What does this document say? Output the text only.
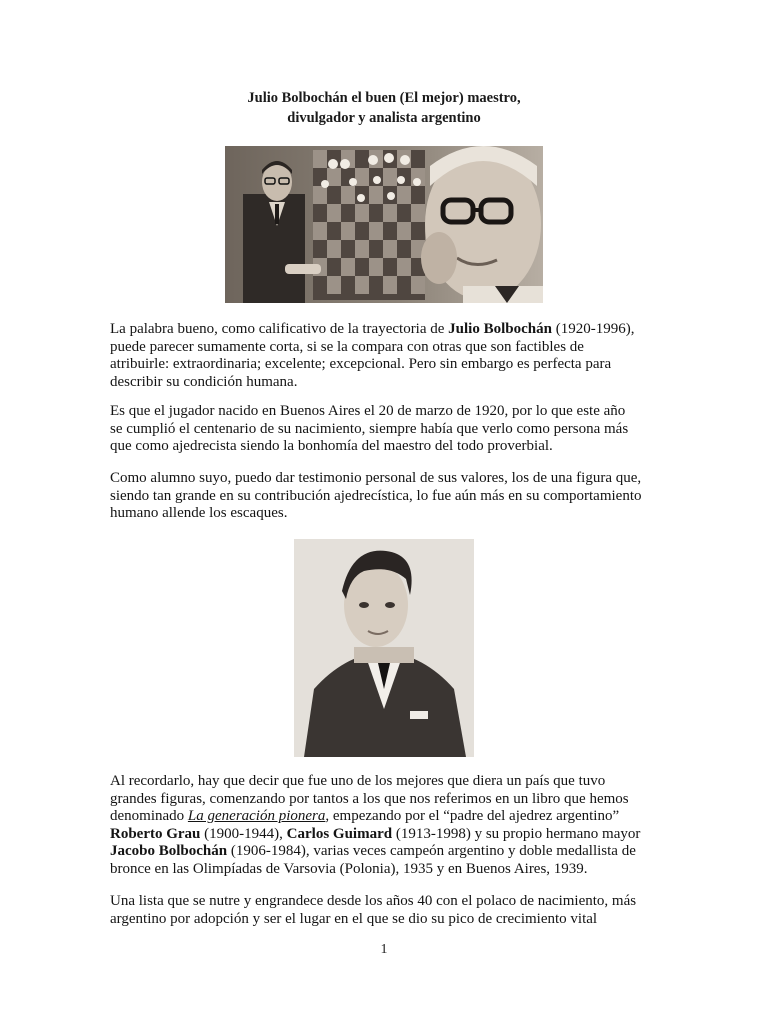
Julio Bolbochán el buen (El mejor) maestro,
divulgador y analista argentino

La palabra bueno, como calificativo de la trayectoria de Julio Bolbochán (1920-1996),
puede parecer sumamente corta, si se la compara con otras que son factibles de
atribuirle: extraordinaria; excelente; excepcional. Pero sin embargo es perfecta para
describir su condición humana.

Es que el jugador nacido en Buenos Aires el 20 de marzo de 1920, por lo que este año
se cumplió el centenario de su nacimiento, siempre había que verlo como persona más
que como ajedrecista siendo la bonhomía del maestro del todo proverbial.

Como alumno suyo, puedo dar testimonio personal de sus valores, los de una figura que,
siendo tan grande en su contribución ajedrecística, lo fue aún más en su comportamiento
humano allende los escaques.

Al recordarlo, hay que decir que fue uno de los mejores que diera un país que tuvo
grandes figuras, comenzando por tantos a los que nos referimos en un libro que hemos
denominado La generación pionera, empezando por el “padre del ajedrez argentino”
Roberto Grau (1900-1944), Carlos Guimard (1913-1998) y su propio hermano mayor
Jacobo Bolbochán (1906-1984), varias veces campeón argentino y doble medallista de
bronce en las Olimpíadas de Varsovia (Polonia), 1935 y en Buenos Aires, 1939.

Una lista que se nutre y engrandece desde los años 40 con el polaco de nacimiento, más
argentino por adopción y ser el lugar en el que se dio su pico de crecimiento vital

1
